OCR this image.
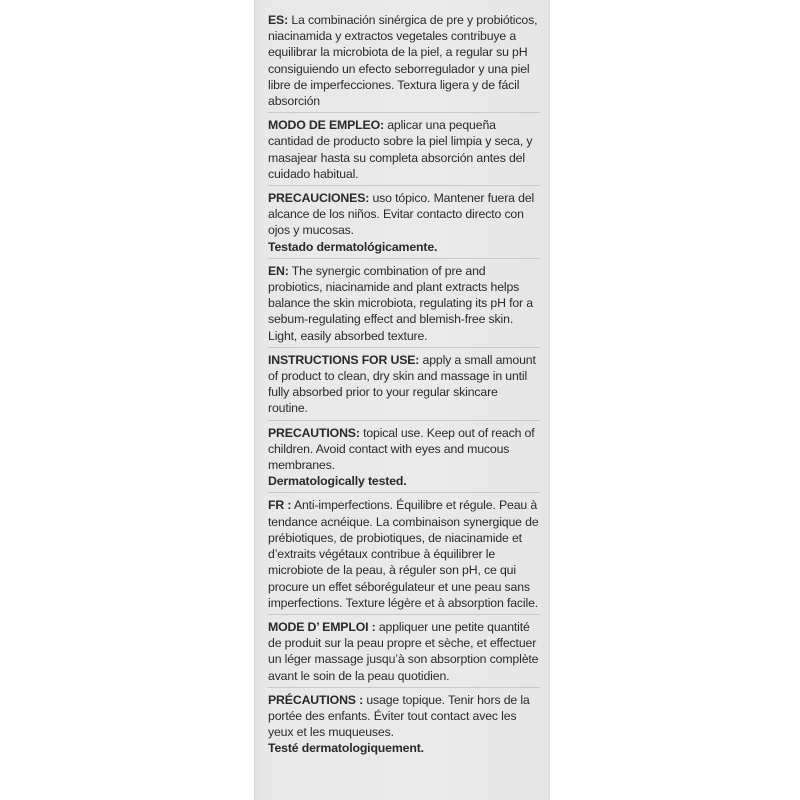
ES: La combinación sinérgica de pre y probióticos, niacinamida y extractos vegetales contribuye a equilibrar la microbiota de la piel, a regular su pH consiguiendo un efecto seborregulador y una piel libre de imperfecciones. Textura ligera y de fácil absorción

MODO DE EMPLEO: aplicar una pequeña cantidad de producto sobre la piel limpia y seca, y masajear hasta su completa absorción antes del cuidado habitual.

PRECAUCIONES: uso tópico. Mantener fuera del alcance de los niños. Evitar contacto directo con ojos y mucosas.
Testado dermatológicamente.

EN: The synergic combination of pre and probiotics, niacinamide and plant extracts helps balance the skin microbiota, regulating its pH for a sebum-regulating effect and blemish-free skin. Light, easily absorbed texture.

INSTRUCTIONS FOR USE: apply a small amount of product to clean, dry skin and massage in until fully absorbed prior to your regular skincare routine.

PRECAUTIONS: topical use. Keep out of reach of children. Avoid contact with eyes and mucous membranes.
Dermatologically tested.

FR : Anti-imperfections. Équilibre et régule. Peau à tendance acnéique. La combinaison synergique de prébiotiques, de probiotiques, de niacinamide et d’extraits végétaux contribue à équilibrer le microbiote de la peau, à réguler son pH, ce qui procure un effet séborégulateur et une peau sans imperfections. Texture légère et à absorption facile.

MODE D’ EMPLOI : appliquer une petite quantité de produit sur la peau propre et sèche, et effectuer un léger massage jusqu’à son absorption complète avant le soin de la peau quotidien.

PRÉCAUTIONS : usage topique. Tenir hors de la portée des enfants. Éviter tout contact avec les yeux et les muqueuses.
Testé dermatologiquement.
